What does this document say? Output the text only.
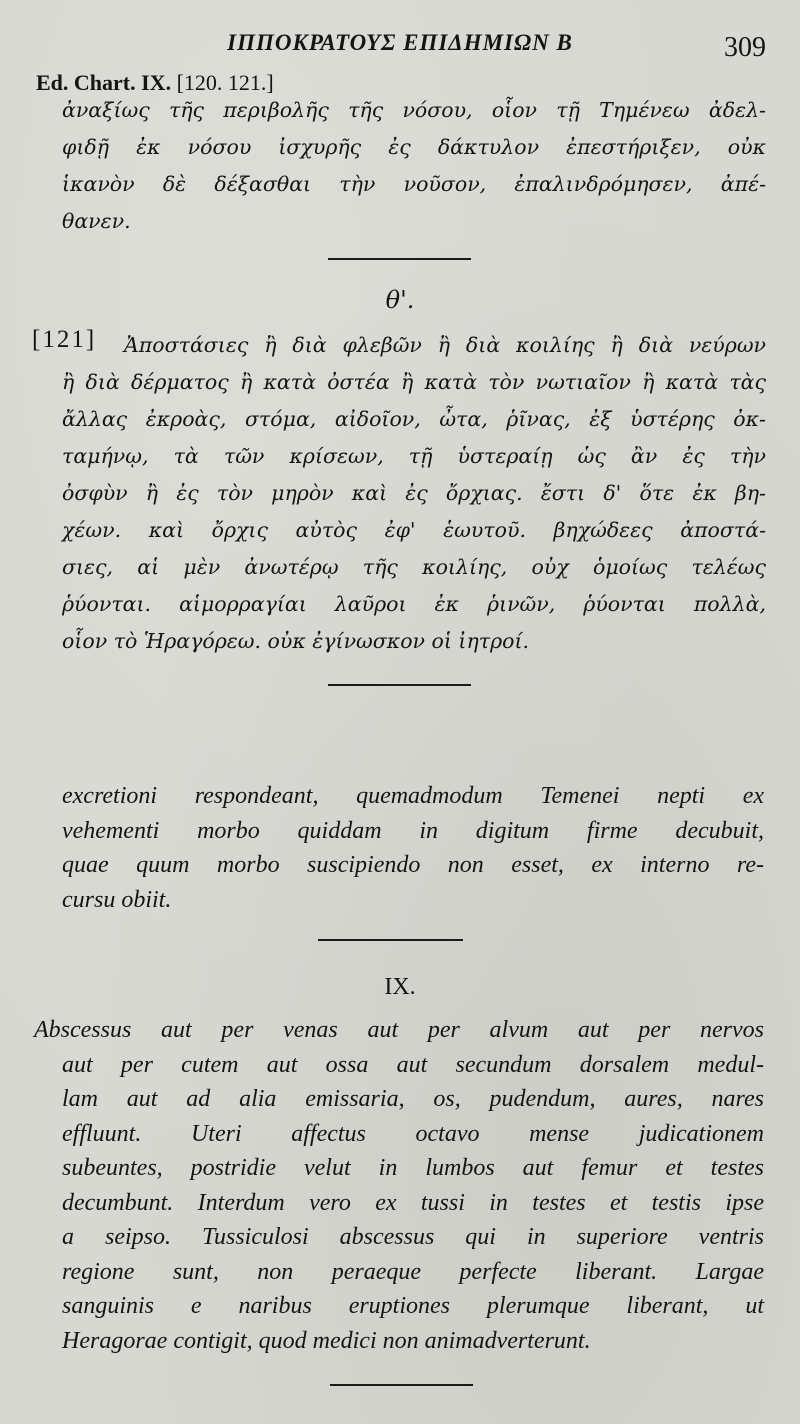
ΙΠΠΟΚΡΑΤΟΥΣ ΕΠΙΔΗΜΙΩΝ Β	309
Ed. Chart. IX. [120. 121.]
ἀναξίως τῆς περιβολῆς τῆς νόσου, οἷον τῇ Τημένεω ἀδελ-
φιδῇ ἐκ νόσου ἰσχυρῆς ἐς δάκτυλον ἐπεστήριξεν, οὐκ
ἱκανὸν δὲ δέξασθαι τὴν νοῦσον, ἐπαλινδρόμησεν, ἀπέ-
θανεν.
θ'.
[121]	Ἀποστάσιες ἢ διὰ φλεβῶν ἢ διὰ κοιλίης ἢ διὰ νεύρων
ἢ διὰ δέρματος ἢ κατὰ ὀστέα ἢ κατὰ τὸν νωτιαῖον ἢ κατὰ τὰς
ἄλλας ἐκροὰς, στόμα, αἰδοῖον, ὦτα, ῥῖνας, ἐξ ὑστέρης ὀκ-
ταμήνῳ, τὰ τῶν κρίσεων, τῇ ὑστεραίῃ ὡς ἂν ἐς τὴν
ὀσφὺν ἢ ἐς τὸν μηρὸν καὶ ἐς ὄρχιας. ἔστι δ' ὅτε ἐκ βη-
χέων. καὶ ὄρχις αὐτὸς ἐφ' ἑωυτοῦ. βηχώδεες ἀποστά-
σιες, αἱ μὲν ἀνωτέρῳ τῆς κοιλίης, οὐχ ὁμοίως τελέως
ῥύονται. αἱμορραγίαι λαῦροι ἐκ ῥινῶν, ῥύονται πολλὰ,
οἷον τὸ Ἡραγόρεω. οὐκ ἐγίνωσκον οἱ ἰητροί.
excretioni respondeant, quemadmodum Temenei nepti ex
vehementi morbo quiddam in digitum firme decubuit,
quae quum morbo suscipiendo non esset, ex interno re-
cursu obiit.
IX.
Abscessus aut per venas aut per alvum aut per nervos
aut per cutem aut ossa aut secundum dorsalem medul-
lam aut ad alia emissaria, os, pudendum, aures, nares
effluunt. Uteri affectus octavo mense judicationem
subeuntes, postridie velut in lumbos aut femur et testes
decumbunt. Interdum vero ex tussi in testes et testis ipse
a seipso. Tussiculosi abscessus qui in superiore ventris
regione sunt, non peraeque perfecte liberant. Largae
sanguinis e naribus eruptiones plerumque liberant, ut
Heragorae contigit, quod medici non animadverterunt.
